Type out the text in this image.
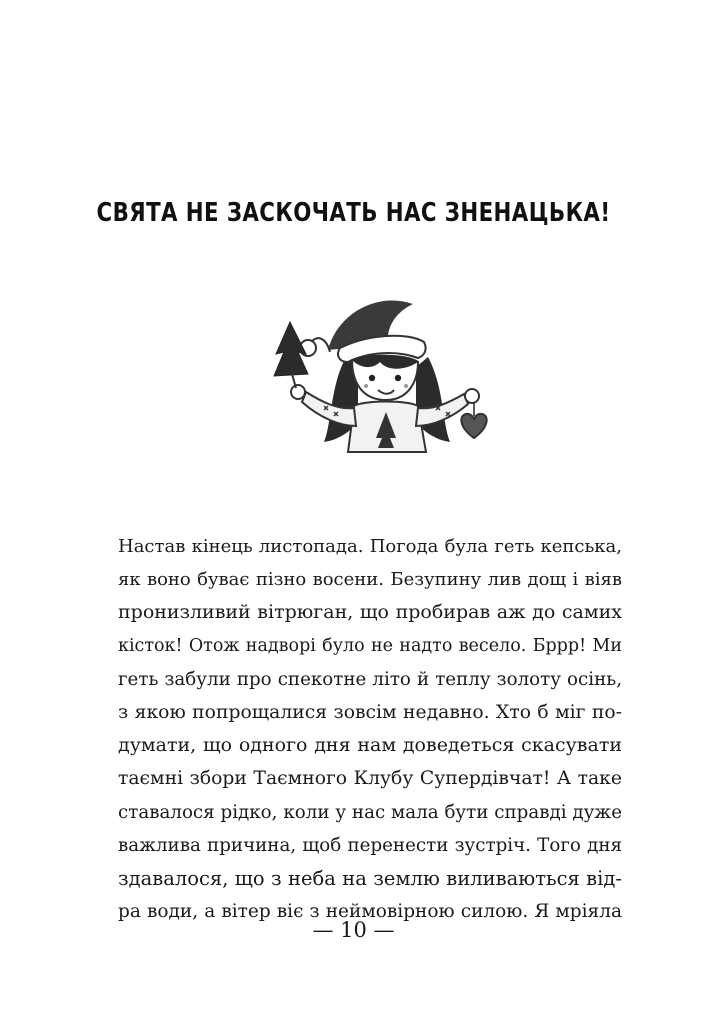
СВЯТА НЕ ЗАСКОЧАТЬ НАС ЗНЕНАЦЬКА!
Настав кінець листопада. Погода була геть кепська,
як воно буває пізно восени. Безупину лив дощ і віяв
пронизливий вітрюган, що пробирав аж до самих
кісток! Отож надворі було не надто весело. Бррр! Ми
геть забули про спекотне літо й теплу золоту осінь,
з якою попрощалися зовсім недавно. Хто б міг по-
думати, що одного дня нам доведеться скасувати
таємні збори Таємного Клубу Супердівчат! А таке
ставалося рідко, коли у нас мала бути справді дуже
важлива причина, щоб перенести зустріч. Того дня
здавалося, що з неба на землю виливаються від-
ра води, а вітер віє з неймовірною силою. Я мріяла
— 10 —
